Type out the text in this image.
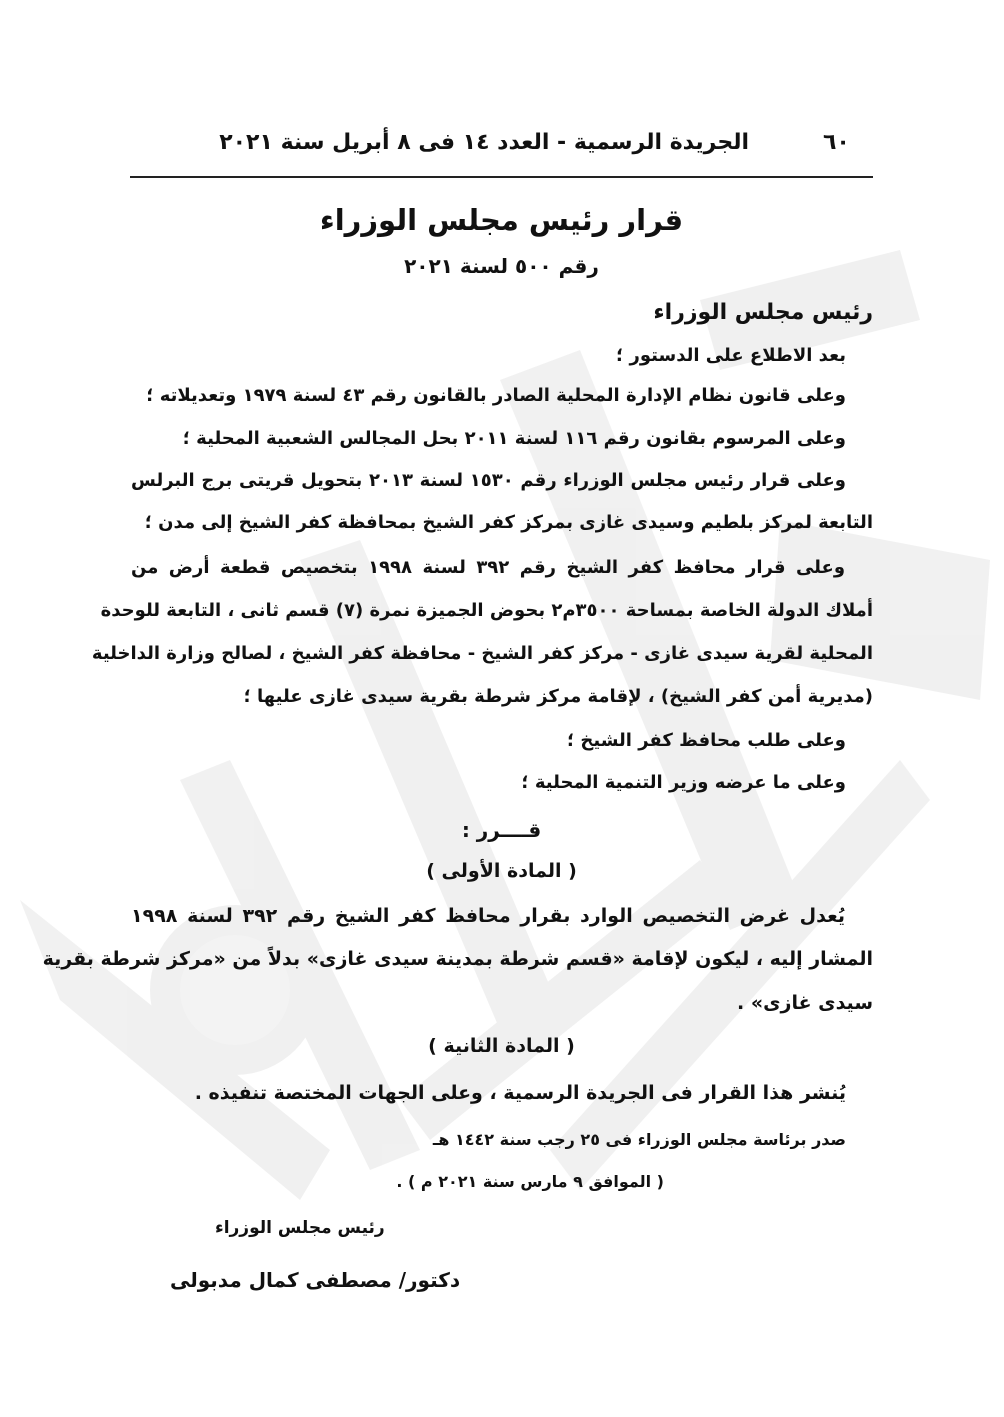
٦٠
الجريدة الرسمية - العدد ١٤ فى ٨ أبريل سنة ٢٠٢١
قرار رئيس مجلس الوزراء
رقم ٥٠٠ لسنة ٢٠٢١
رئيس مجلس الوزراء
بعد الاطلاع على الدستور ؛
وعلى قانون نظام الإدارة المحلية الصادر بالقانون رقم ٤٣ لسنة ١٩٧٩ وتعديلاته ؛
وعلى المرسوم بقانون رقم ١١٦ لسنة ٢٠١١ بحل المجالس الشعبية المحلية ؛
وعلى قرار رئيس مجلس الوزراء رقم ١٥٣٠ لسنة ٢٠١٣ بتحويل قريتى برج البرلس
التابعة لمركز بلطيم وسيدى غازى بمركز كفر الشيخ بمحافظة كفر الشيخ إلى مدن ؛
وعلى قرار محافظ كفر الشيخ رقم ٣٩٢ لسنة ١٩٩٨ بتخصيص قطعة أرض من
أملاك الدولة الخاصة بمساحة ٣٥٠٠م٢ بحوض الجميزة نمرة (٧) قسم ثانى ، التابعة للوحدة
المحلية لقرية سيدى غازى - مركز كفر الشيخ - محافظة كفر الشيخ ، لصالح وزارة الداخلية
(مديرية أمن كفر الشيخ) ، لإقامة مركز شرطة بقرية سيدى غازى عليها ؛
وعلى طلب محافظ كفر الشيخ ؛
وعلى ما عرضه وزير التنمية المحلية ؛
قــــرر :
( المادة الأولى )
يُعدل غرض التخصيص الوارد بقرار محافظ كفر الشيخ رقم ٣٩٢ لسنة ١٩٩٨
المشار إليه ، ليكون لإقامة «قسم شرطة بمدينة سيدى غازى» بدلاً من «مركز شرطة بقرية
سيدى غازى» .
( المادة الثانية )
يُنشر هذا القرار فى الجريدة الرسمية ، وعلى الجهات المختصة تنفيذه .
صدر برئاسة مجلس الوزراء فى ٢٥ رجب سنة ١٤٤٢ هـ
( الموافق ٩ مارس سنة ٢٠٢١ م ) .
رئيس مجلس الوزراء
دكتور/ مصطفى كمال مدبولى
